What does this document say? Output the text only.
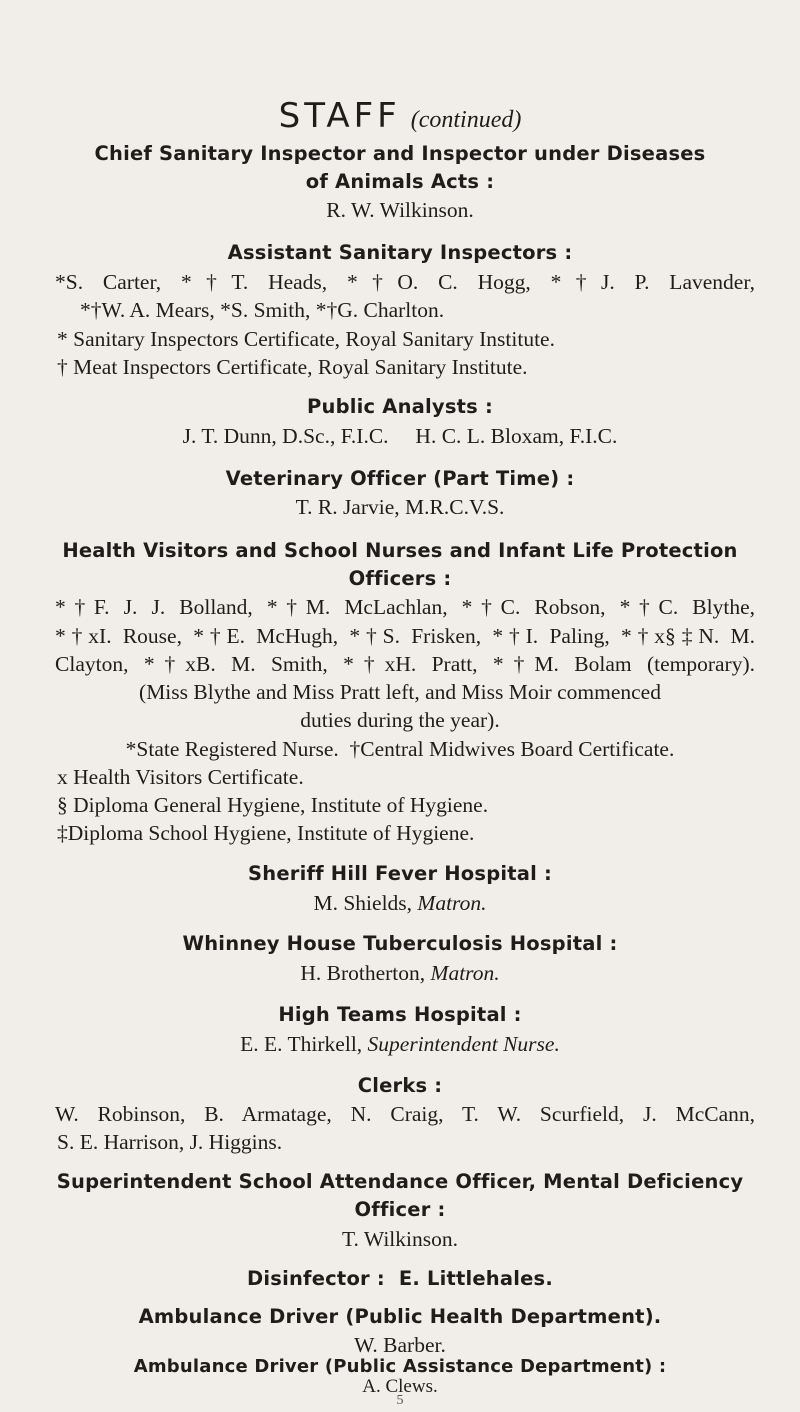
STAFF (continued)
Chief Sanitary Inspector and Inspector under Diseases
of Animals Acts :
R. W. Wilkinson.
Assistant Sanitary Inspectors :
*S. Carter, *†T. Heads, *†O. C. Hogg, *†J. P. Lavender,
*†W. A. Mears, *S. Smith, *†G. Charlton.
* Sanitary Inspectors Certificate, Royal Sanitary Institute.
† Meat Inspectors Certificate, Royal Sanitary Institute.
Public Analysts :
J. T. Dunn, D.Sc., F.I.C.     H. C. L. Bloxam, F.I.C.
Veterinary Officer (Part Time) :
T. R. Jarvie, M.R.C.V.S.
Health Visitors and School Nurses and Infant Life Protection
Officers :
*†F. J. J. Bolland, *†M. McLachlan, *†C. Robson, *†C. Blythe,
*†xI. Rouse, *†E. McHugh, *†S. Frisken, *†I. Paling, *†x§‡N. M.
Clayton, *†xB. M. Smith, *†xH. Pratt, *†M. Bolam (temporary).
(Miss Blythe and Miss Pratt left, and Miss Moir commenced
duties during the year).
*State Registered Nurse.  †Central Midwives Board Certificate.
x Health Visitors Certificate.
§ Diploma General Hygiene, Institute of Hygiene.
‡Diploma School Hygiene, Institute of Hygiene.
Sheriff Hill Fever Hospital :
M. Shields, Matron.
Whinney House Tuberculosis Hospital :
H. Brotherton, Matron.
High Teams Hospital :
E. E. Thirkell, Superintendent Nurse.
Clerks :
W. Robinson, B. Armatage, N. Craig, T. W. Scurfield, J. McCann,
S. E. Harrison, J. Higgins.
Superintendent School Attendance Officer, Mental Deficiency
Officer :
T. Wilkinson.
Disinfector :  E. Littlehales.
Ambulance Driver (Public Health Department).
W. Barber.
Ambulance Driver (Public Assistance Department) :
A. Clews.
5
